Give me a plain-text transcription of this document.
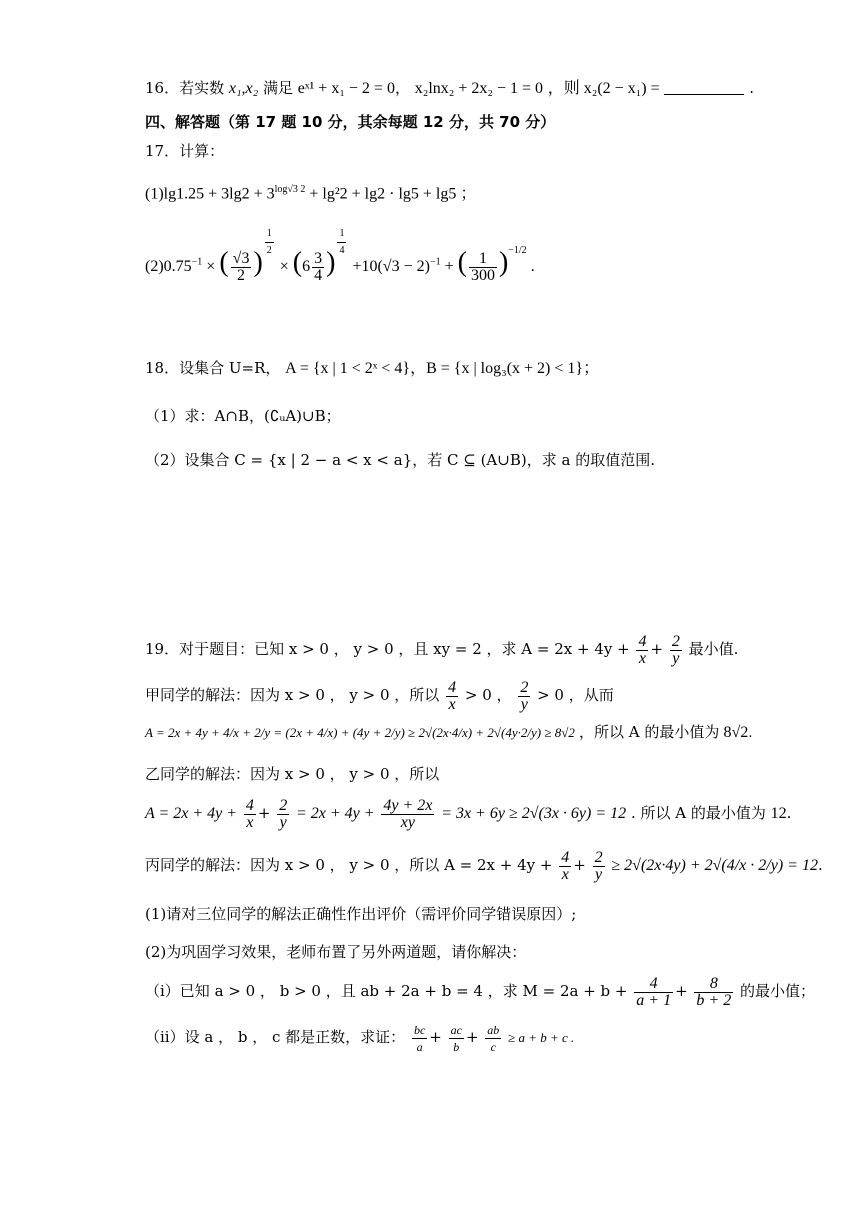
16．若实数 x₁,x₂ 满足 eˣ¹ + x₁ − 2 = 0， x₂lnx₂ + 2x₂ − 1 = 0 ，则 x₂(2 − x₁) =	.
四、解答题（第 17 题 10 分，其余每题 12 分，共 70 分）
17．计算：
$(1)\lg 1.25 + 3\lg 2 + 3^{log√3 2} + \lg^22 + \lg 2 \cdot \lg 5 + \lg 5$ ；
$(2)0.75^{-1}$ × ( $\frac{√3}{2}$ )
$^{\frac{1}{2}}$
× ($6 \frac{3}{4}$ )
$^{\frac{1}{4}}$
$+10(√3 - 2)^{-1}$ + ( $\frac{1}{300} )^{-1/2}$ .
18．设集合 U=R， A = {x | 1 < 2ˣ < 4}，B = {x | log₃(x + 2) < 1}；
（1）求：A∩B，(∁ᵤA)∪B；
（2）设集合 C = {x | 2 − a < x < a}，若 C ⊆ (A∪B)，求 a 的取值范围.
19．对于题目：已知 x > 0 ， y > 0 ，且 xy = 2 ，求 $A = 2x + 4y + \frac{4}{x} + \frac{2}{y}$ 最小值.
甲同学的解法：因为 x > 0 ， y > 0 ，所以 $\frac{4}{x} > 0$ ， $\frac{2}{y} > 0$ ，从而
A = 2x + 4y + 4/x + 2/y = (2x + 4/x) + (4y + 2/y) ≥ 2√(2x·4/x) + 2√(4y·2/y) ≥ 8√2 ，所以 A 的最小值为 8√2.
乙同学的解法：因为 x > 0 ， y > 0 ，所以
$A = 2x + 4y + \frac{4}{x} + \frac{2}{y} = 2x + 4y + \frac{4y + 2x}{xy} = 3x + 6y \ge 2√(3x \cdot 6y) = 12$ . 所以 A 的最小值为 12.
丙同学的解法：因为 x > 0 ， y > 0 ，所以 $A = 2x + 4y + \frac{4}{x} + \frac{2}{y} \ge 2√(2x\cdot 4y) + 2√(4/x \cdot 2/y) = 12$.
(1)请对三位同学的解法正确性作出评价（需评价同学错误原因）;
(2)为巩固学习效果，老师布置了另外两道题，请你解决：
（i）已知 a > 0 ， b > 0 ，且 ab + 2a + b = 4 ，求 $M = 2a + b + \frac{4}{a + 1} + \frac{8}{b + 2}$ 的最小值；
（ii）设 a ， b ， c 都是正数，求证： $\frac{bc}{a} + \frac{ac}{b} + \frac{ab}{c} \ge a + b + c$ .
